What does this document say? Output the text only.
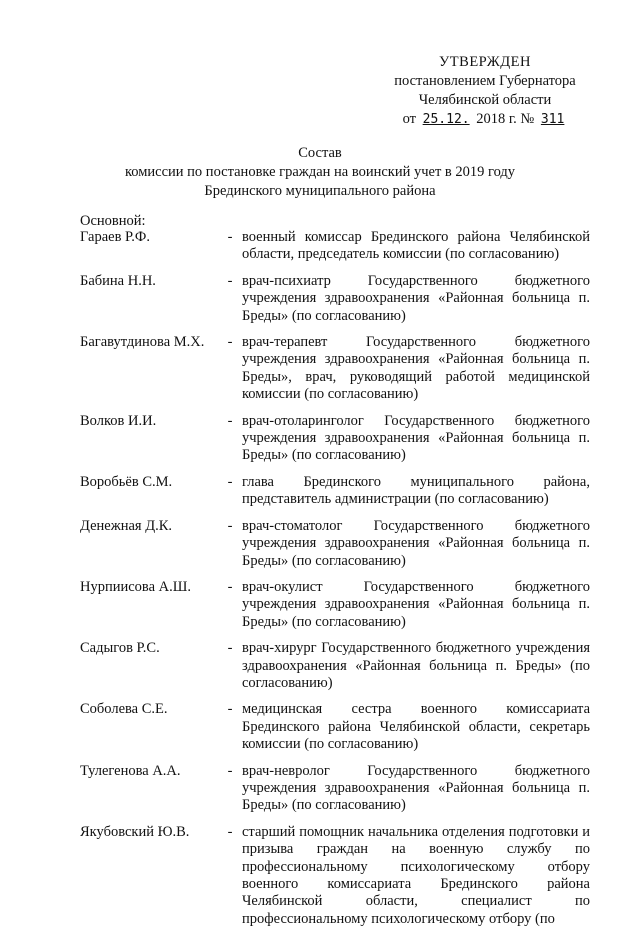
УТВЕРЖДЕН
постановлением Губернатора
Челябинской области
от 25.12. 2018 г. № 311
Состав
комиссии по постановке граждан на воинский учет в 2019 году
Брединского муниципального района
Основной:
Гараев Р.Ф.	- военный комиссар Брединского района Челябинской области, председатель комиссии (по согласованию)
Бабина Н.Н.	- врач-психиатр Государственного бюджетного учреждения здравоохранения «Районная больница п. Бреды» (по согласованию)
Багавутдинова М.Х.	- врач-терапевт Государственного бюджетного учреждения здравоохранения «Районная больница п. Бреды», врач, руководящий работой медицинской комиссии (по согласованию)
Волков И.И.	- врач-отоларинголог Государственного бюджетного учреждения здравоохранения «Районная больница п. Бреды» (по согласованию)
Воробьёв С.М.	- глава Брединского муниципального района, представитель администрации (по согласованию)
Денежная Д.К.	- врач-стоматолог Государственного бюджетного учреждения здравоохранения «Районная больница п. Бреды» (по согласованию)
Нурпиисова А.Ш.	- врач-окулист Государственного бюджетного учреждения здравоохранения «Районная больница п. Бреды» (по согласованию)
Садыгов Р.С.	- врач-хирург Государственного бюджетного учреждения здравоохранения «Районная больница п. Бреды» (по согласованию)
Соболева С.Е.	- медицинская сестра военного комиссариата Брединского района Челябинской области, секретарь комиссии (по согласованию)
Тулегенова А.А.	- врач-невролог Государственного бюджетного учреждения здравоохранения «Районная больница п. Бреды» (по согласованию)
Якубовский Ю.В.	- старший помощник начальника отделения подготовки и призыва граждан на военную службу по профессиональному психологическому отбору военного комиссариата Брединского района Челябинской области, специалист по профессиональному психологическому отбору (по
